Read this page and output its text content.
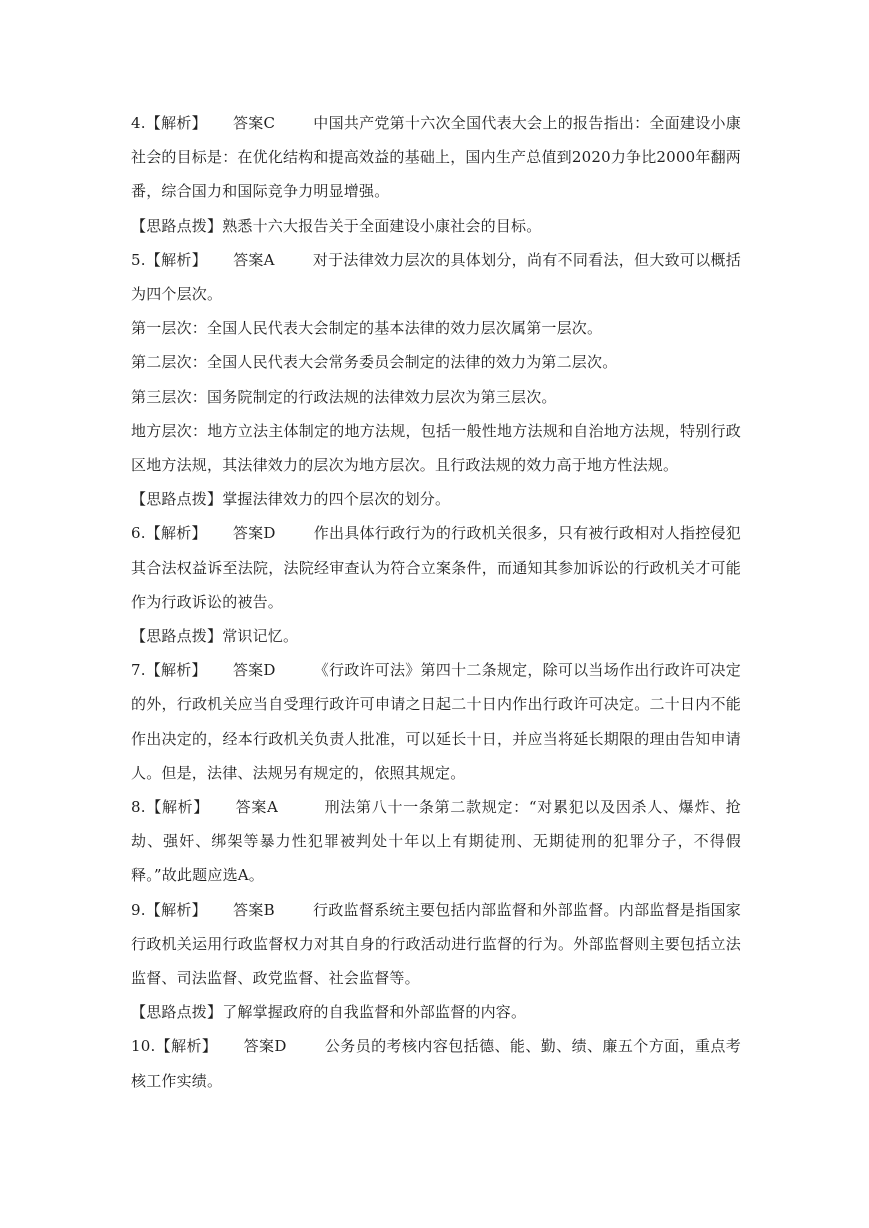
4.【解析】 答案C	中国共产党第十六次全国代表大会上的报告指出：全面建设小康社会的目标是：在优化结构和提高效益的基础上，国内生产总值到2020力争比2000年翻两番，综合国力和国际竞争力明显增强。

【思路点拨】熟悉十六大报告关于全面建设小康社会的目标。

5.【解析】 答案A	对于法律效力层次的具体划分，尚有不同看法，但大致可以概括为四个层次。

第一层次：全国人民代表大会制定的基本法律的效力层次属第一层次。

第二层次：全国人民代表大会常务委员会制定的法律的效力为第二层次。

第三层次：国务院制定的行政法规的法律效力层次为第三层次。

地方层次：地方立法主体制定的地方法规，包括一般性地方法规和自治地方法规，特别行政区地方法规，其法律效力的层次为地方层次。且行政法规的效力高于地方性法规。

【思路点拨】掌握法律效力的四个层次的划分。

6.【解析】 答案D	作出具体行政行为的行政机关很多，只有被行政相对人指控侵犯其合法权益诉至法院，法院经审查认为符合立案条件，而通知其参加诉讼的行政机关才可能作为行政诉讼的被告。

【思路点拨】常识记忆。

7.【解析】 答案D	《行政许可法》第四十二条规定，除可以当场作出行政许可决定的外，行政机关应当自受理行政许可申请之日起二十日内作出行政许可决定。二十日内不能作出决定的，经本行政机关负责人批准，可以延长十日，并应当将延长期限的理由告知申请人。但是，法律、法规另有规定的，依照其规定。

8.【解析】 答案A	刑法第八十一条第二款规定：“对累犯以及因杀人、爆炸、抢劫、强奸、绑架等暴力性犯罪被判处十年以上有期徒刑、无期徒刑的犯罪分子，不得假释。”故此题应选A。

9.【解析】 答案B	行政监督系统主要包括内部监督和外部监督。内部监督是指国家行政机关运用行政监督权力对其自身的行政活动进行监督的行为。外部监督则主要包括立法监督、司法监督、政党监督、社会监督等。

【思路点拨】了解掌握政府的自我监督和外部监督的内容。

10.【解析】 答案D	公务员的考核内容包括德、能、勤、绩、廉五个方面，重点考核工作实绩。
